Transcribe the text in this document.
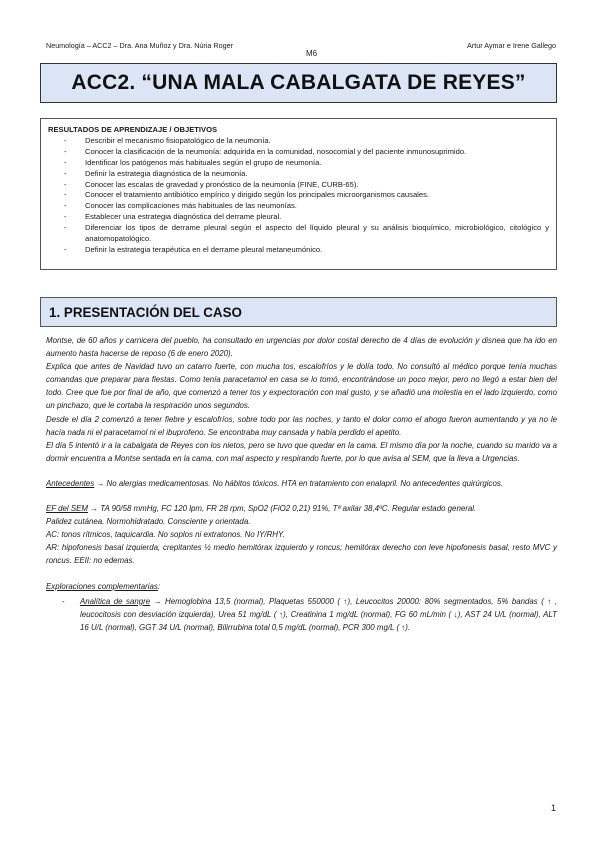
Neumología – ACC2 – Dra. Ana Muñoz y Dra. Núria Roger
M6
Artur Aymar e Irene Gallego
ACC2. “UNA MALA CABALGATA DE REYES”

RESULTADOS DE APRENDIZAJE / OBJETIVOS

-	Describir el mecanismo fisiopatológico de la neumonía.
-	Conocer la clasificación de la neumonía: adquirida en la comunidad, nosocomial y del paciente inmunosuprimido.
-	Identificar los patógenos más habituales según el grupo de neumonía.
-	Definir la estrategia diagnóstica de la neumonía.
-	Conocer las escalas de gravedad y pronóstico de la neumonía (FINE, CURB-65).
-	Conocer el tratamiento antibiótico empírico y dirigido según los principales microorganismos causales.
-	Conocer las complicaciones más habituales de las neumonías.
-	Establecer una estrategia diagnóstica del derrame pleural.
-	Diferenciar los tipos de derrame pleural según el aspecto del líquido pleural y su análisis bioquímico, microbiológico, citológico y anatomopatológico.
-	Definir la estrategia terapéutica en el derrame pleural metaneumónico.
1. PRESENTACIÓN DEL CASO

Montse, de 60 años y carnicera del pueblo, ha consultado en urgencias por dolor costal derecho de 4 días de evolución y disnea que ha ido en aumento hasta hacerse de reposo (6 de enero 2020).

Explica que antes de Navidad tuvo un catarro fuerte, con mucha tos, escalofríos y le dolía todo. No consultó al médico porque tenía muchas comandas que preparar para fiestas. Como tenía paracetamol en casa se lo tomó, encontrándose un poco mejor, pero no llegó a estar bien del todo. Cree que fue por final de año, que comenzó a tener tos y expectoración con mal gusto, y se añadió una molestia en el lado izquierdo, como un pinchazo, que le cortaba la respiración unos segundos.

Desde el día 2 comenzó a tener fiebre y escalofríos, sobre todo por las noches, y tanto el dolor como el ahogo fueron aumentando y ya no le hacía nada ni el paracetamol ni el ibuprofeno. Se encontraba muy cansada y había perdido el apetito.

El día 5 intentó ir a la cabalgata de Reyes con los nietos, pero se tuvo que quedar en la cama. El mismo día por la noche, cuando su marido va a dormir encuentra a Montse sentada en la cama, con mal aspecto y respirando fuerte, por lo que avisa al SEM, que la lleva a Urgencias.

Antecedentes → No alergias medicamentosas. No hábitos tóxicos. HTA en tratamiento con enalapril. No antecedentes quirúrgicos.

EF del SEM → TA 90/58 mmHg, FC 120 lpm, FR 28 rpm, SpO2 (FiO2 0,21) 91%, Tª axilar 38,4ºC. Regular estado general.

Palidez cutánea. Normohidratado. Consciente y orientada.

AC: tonos rítmicos, taquicardia. No soplos ni extratonos. No IY/RHY.

AR: hipofonesis basal izquierda, crepitantes ½ medio hemitórax izquierdo y roncus; hemitórax derecho con leve hipofonesis basal, resto MVC y roncus. EEII: no edemas.

Exploraciones complementarias:

-	Analítica de sangre → Hemoglobina 13,5 (normal), Plaquetas 550000 ( ↑), Leucocitos 20000: 80% segmentados, 5% bandas ( ↑ , leucocitosis con desviación izquierda), Urea 51 mg/dL ( ↑), Creatinina 1 mg/dL (normal), FG 60 mL/min ( ↓), AST 24 U/L (normal), ALT 16 U/L (normal), GGT 34 U/L (normal), Bilirrubina total 0,5 mg/dL (normal), PCR 300 mg/L ( ↑).
1
